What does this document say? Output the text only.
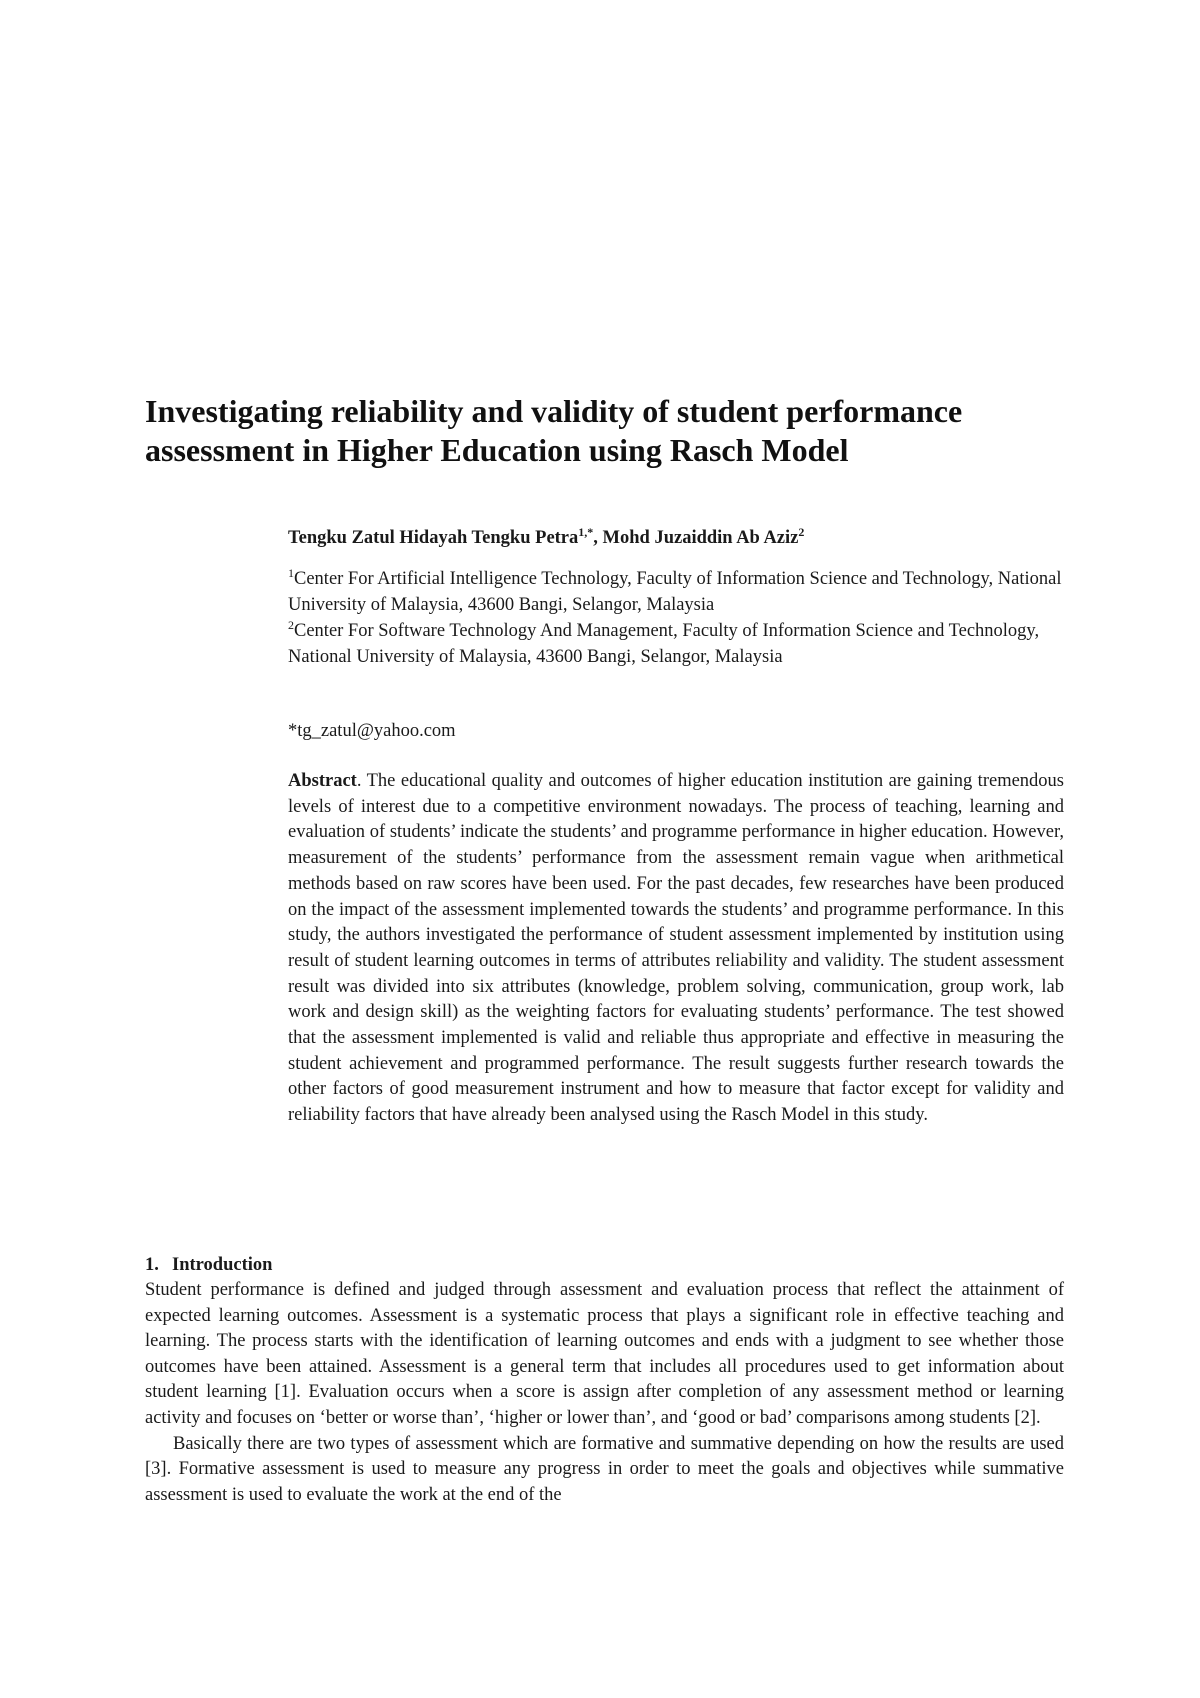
Investigating reliability and validity of student performance assessment in Higher Education using Rasch Model

Tengku Zatul Hidayah Tengku Petra$^{1,*}$, Mohd Juzaiddin Ab Aziz$^2$

$^1$Center For Artificial Intelligence Technology, Faculty of Information Science and Technology, National University of Malaysia, 43600 Bangi, Selangor, Malaysia

$^2$Center For Software Technology And Management, Faculty of Information Science and Technology, National University of Malaysia, 43600 Bangi, Selangor, Malaysia

*tg_zatul@yahoo.com

Abstract. The educational quality and outcomes of higher education institution are gaining tremendous levels of interest due to a competitive environment nowadays. The process of teaching, learning and evaluation of students’ indicate the students’ and programme performance in higher education. However, measurement of the students’ performance from the assessment remain vague when arithmetical methods based on raw scores have been used. For the past decades, few researches have been produced on the impact of the assessment implemented towards the students’ and programme performance. In this study, the authors investigated the performance of student assessment implemented by institution using result of student learning outcomes in terms of attributes reliability and validity. The student assessment result was divided into six attributes (knowledge, problem solving, communication, group work, lab work and design skill) as the weighting factors for evaluating students’ performance. The test showed that the assessment implemented is valid and reliable thus appropriate and effective in measuring the student achievement and programmed performance. The result suggests further research towards the other factors of good measurement instrument and how to measure that factor except for validity and reliability factors that have already been analysed using the Rasch Model in this study.

1. Introduction

Student performance is defined and judged through assessment and evaluation process that reflect the attainment of expected learning outcomes. Assessment is a systematic process that plays a significant role in effective teaching and learning. The process starts with the identification of learning outcomes and ends with a judgment to see whether those outcomes have been attained. Assessment is a general term that includes all procedures used to get information about student learning [1]. Evaluation occurs when a score is assign after completion of any assessment method or learning activity and focuses on ‘better or worse than’, ‘higher or lower than’, and ‘good or bad’ comparisons among students [2].

Basically there are two types of assessment which are formative and summative depending on how the results are used [3]. Formative assessment is used to measure any progress in order to meet the goals and objectives while summative assessment is used to evaluate the work at the end of the
